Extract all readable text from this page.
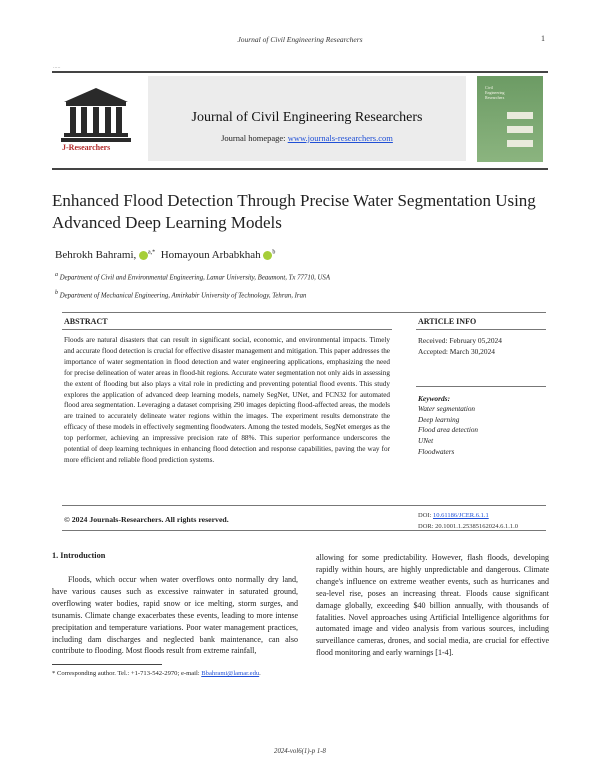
Journal of Civil Engineering Researchers	1
.....
J-Researchers
Journal of Civil Engineering Researchers
Journal homepage: www.journals-researchers.com
Civil
Engineering
Researchers
Enhanced Flood Detection Through Precise Water Segmentation Using Advanced Deep Learning Models
Behrokh Bahrami, $^{a,*}$ Homayoun Arbabkhah $^b$
a Department of Civil and Environmental Engineering, Lamar University, Beaumont, Tx 77710, USA
b Department of Mechanical Engineering, Amirkabir University of Technology, Tehran, Iran
ABSTRACT	ARTICLE INFO
Floods are natural disasters that can result in significant social, economic, and environmental impacts. Timely and accurate flood detection is crucial for effective disaster management and mitigation. This paper addresses the importance of water segmentation in flood detection and water engineering applications, emphasizing the need for precise delineation of water areas in flood-hit regions. Accurate water segmentation not only aids in assessing the extent of flooding but also plays a vital role in predicting and preventing potential flood events. This study explores the application of advanced deep learning models, namely SegNet, UNet, and FCN32 for automated flood area segmentation. Leveraging a dataset comprising 290 images depicting flood-affected areas, the models are trained to accurately delineate water regions within the images. The experiment results demonstrate the efficacy of these models in effectively segmenting floodwaters. Among the tested models, SegNet emerges as the top performer, achieving an impressive precision rate of 88%. This superior performance underscores the potential of deep learning techniques in enhancing flood detection and response capabilities, paving the way for more efficient and reliable flood prediction systems.
Received: February 05,2024
Accepted: March 30,2024
Keywords:
Water segmentation
Deep learning
Flood area detection
UNet
Floodwaters
© 2024 Journals-Researchers. All rights reserved.	DOI: 10.61186/JCER.6.1.1
DOR: 20.1001.1.25385162024.6.1.1.0
1. Introduction
Floods, which occur when water overflows onto normally dry land, have various causes such as excessive rainwater in saturated ground, overflowing water bodies, rapid snow or ice melting, storm surges, and tsunamis. Climate change exacerbates these events, leading to more intense precipitation and temperature variations. Poor water management practices, including dam discharges and neglected bank maintenance, can also contribute to flooding. Most floods result from extreme rainfall,
allowing for some predictability. However, flash floods, developing rapidly within hours, are highly unpredictable and dangerous. Climate change's influence on extreme weather events, such as hurricanes and sea-level rise, poses an increasing threat. Floods cause significant damage globally, exceeding $40 billion annually, with thousands of fatalities. Novel approaches using Artificial Intelligence algorithms for automated image and video analysis from various sources, including surveillance cameras, drones, and social media, are crucial for effective flood monitoring and early warnings [1-4].
* Corresponding author. Tel.: +1-713-542-2970; e-mail: Bbahrami@lamar.edu.
2024-vol6(1)-p 1-8
